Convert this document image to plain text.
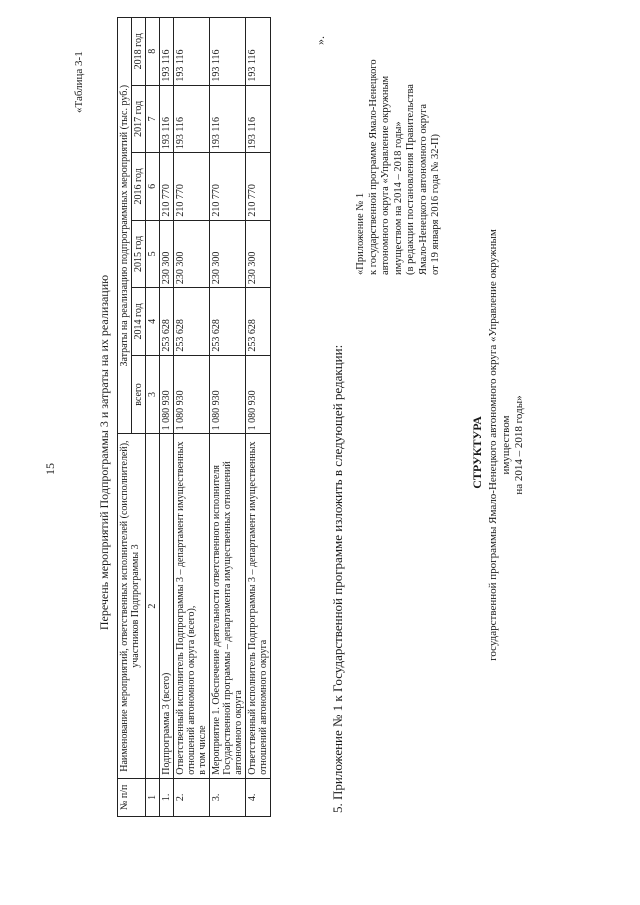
15
«Таблица 3-1
Перечень мероприятий Подпрограммы 3 и затраты на их реализацию
№ п/п	Наименование мероприятий, ответственных исполнителей (соисполнителей), участников Подпрограммы 3	Затраты на реализацию подпрограммных мероприятий (тыс. руб.)					
		всего	2014 год	2015 год	2016 год	2017 год	2018 год
1	2	3	4	5	6	7	8
1.	Подпрограмма 3 (всего)	1 080 930	253 628	230 300	210 770	193 116	193 116
2.	Ответственный исполнитель Подпрограммы 3 – департамент имущественных отношений автономного округа (всего), в том числе	1 080 930	253 628	230 300	210 770	193 116	193 116
3.	Мероприятие 1. Обеспечение деятельности ответственного исполнителя Государственной программы – департамента имущественных отношений автономного округа	1 080 930	253 628	230 300	210 770	193 116	193 116
4.	Ответственный исполнитель Подпрограммы 3 – департамент имущественных отношений автономного округа	1 080 930	253 628	230 300	210 770	193 116	193 116
».
5. Приложение № 1 к Государственной программе изложить в следующей редакции:
«Приложение № 1 к государственной программе Ямало-Ненецкого автономного округа «Управление окружным имуществом на 2014 – 2018 годы» (в редакции постановления Правительства Ямало-Ненецкого автономного округа от 19 января 2016 года № 32-П)
СТРУКТУРА государственной программы Ямало-Ненецкого автономного округа «Управление окружным имуществом на 2014 – 2018 годы»
